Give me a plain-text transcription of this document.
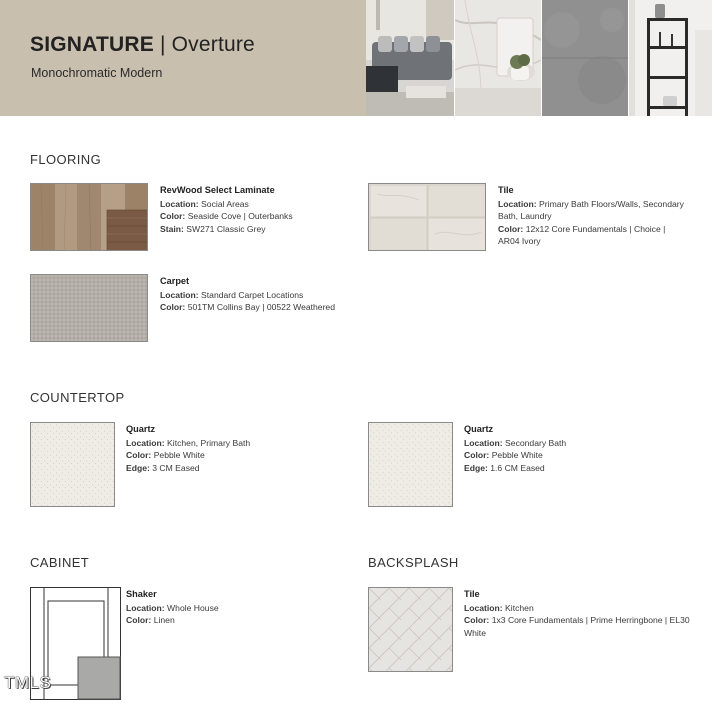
SIGNATURE | Overture
Monochromatic Modern
FLOORING
RevWood Select Laminate
Location: Social Areas
Color: Seaside Cove | Outerbanks
Stain: SW271 Classic Grey
Tile
Location: Primary Bath Floors/Walls, Secondary Bath, Laundry
Color: 12x12 Core Fundamentals | Choice | AR04 Ivory
Carpet
Location: Standard Carpet Locations
Color: 501TM Collins Bay | 00522 Weathered
COUNTERTOP
Quartz
Location: Kitchen, Primary Bath
Color: Pebble White
Edge: 3 CM Eased
Quartz
Location: Secondary Bath
Color: Pebble White
Edge: 1.6 CM Eased
CABINET
Shaker
Location: Whole House
Color: Linen
BACKSPLASH
Tile
Location: Kitchen
Color: 1x3 Core Fundamentals | Prime Herringbone | EL30 White
TMLS
